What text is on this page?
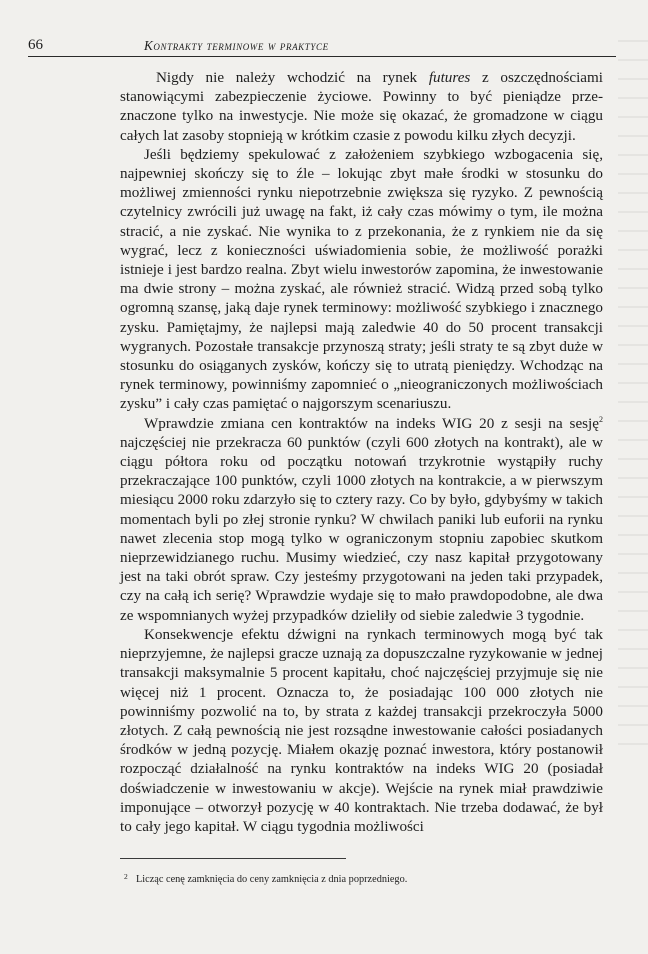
66	Kontrakty terminowe w praktyce

Nigdy nie należy wchodzić na rynek futures z oszczędnościami stanowiącymi zabezpieczenie życiowe. Powinny to być pieniądze przeznaczone tylko na inwestycje. Nie może się okazać, że gromadzone w ciągu całych lat zasoby stopnieją w krótkim czasie z powodu kilku złych decyzji.

Jeśli będziemy spekulować z założeniem szybkiego wzbogacenia się, najpewniej skończy się to źle – lokując zbyt małe środki w stosunku do możliwej zmienności rynku niepotrzebnie zwiększa się ryzyko. Z pewnością czytelnicy zwrócili już uwagę na fakt, iż cały czas mówimy o tym, ile można stracić, a nie zyskać. Nie wynika to z przekonania, że z rynkiem nie da się wygrać, lecz z konieczności uświadomienia sobie, że możliwość porażki istnieje i jest bardzo realna. Zbyt wielu inwestorów zapomina, że inwestowanie ma dwie strony – można zyskać, ale również stracić. Widzą przed sobą tylko ogromną szansę, jaką daje rynek terminowy: możliwość szybkiego i znacznego zysku. Pamiętajmy, że najlepsi mają zaledwie 40 do 50 procent transakcji wygranych. Pozostałe transakcje przynoszą straty; jeśli straty te są zbyt duże w stosunku do osiąganych zysków, kończy się to utratą pieniędzy. Wchodząc na rynek terminowy, powinniśmy zapomnieć o „nieograniczonych możliwościach zysku” i cały czas pamiętać o najgorszym scenariuszu.

Wprawdzie zmiana cen kontraktów na indeks WIG 20 z sesji na sesję$^2$ najczęściej nie przekracza 60 punktów (czyli 600 złotych na kontrakt), ale w ciągu półtora roku od początku notowań trzykrotnie wystąpiły ruchy przekraczające 100 punktów, czyli 1000 złotych na kontrakcie, a w pierwszym miesiącu 2000 roku zdarzyło się to cztery razy. Co by było, gdybyśmy w takich momentach byli po złej stronie rynku? W chwilach paniki lub euforii na rynku nawet zlecenia stop mogą tylko w ograniczonym stopniu zapobiec skutkom nieprzewidzianego ruchu. Musimy wiedzieć, czy nasz kapitał przygotowany jest na taki obrót spraw. Czy jesteśmy przygotowani na jeden taki przypadek, czy na całą ich serię? Wprawdzie wydaje się to mało prawdopodobne, ale dwa ze wspomnianych wyżej przypadków dzieliły od siebie zaledwie 3 tygodnie.

Konsekwencje efektu dźwigni na rynkach terminowych mogą być tak nieprzyjemne, że najlepsi gracze uznają za dopuszczalne ryzykowanie w jednej transakcji maksymalnie 5 procent kapitału, choć najczęściej przyjmuje się nie więcej niż 1 procent. Oznacza to, że posiadając 100 000 złotych nie powinniśmy pozwolić na to, by strata z każdej transakcji przekroczyła 5000 złotych. Z całą pewnością nie jest rozsądne inwestowanie całości posiadanych środków w jedną pozycję. Miałem okazję poznać inwestora, który postanowił rozpocząć działalność na rynku kontraktów na indeks WIG 20 (posiadał doświadczenie w inwestowaniu w akcje). Wejście na rynek miał prawdziwie imponujące – otworzył pozycję w 40 kontraktach. Nie trzeba dodawać, że był to cały jego kapitał. W ciągu tygodnia możliwości

2 Licząc cenę zamknięcia do ceny zamknięcia z dnia poprzedniego.
